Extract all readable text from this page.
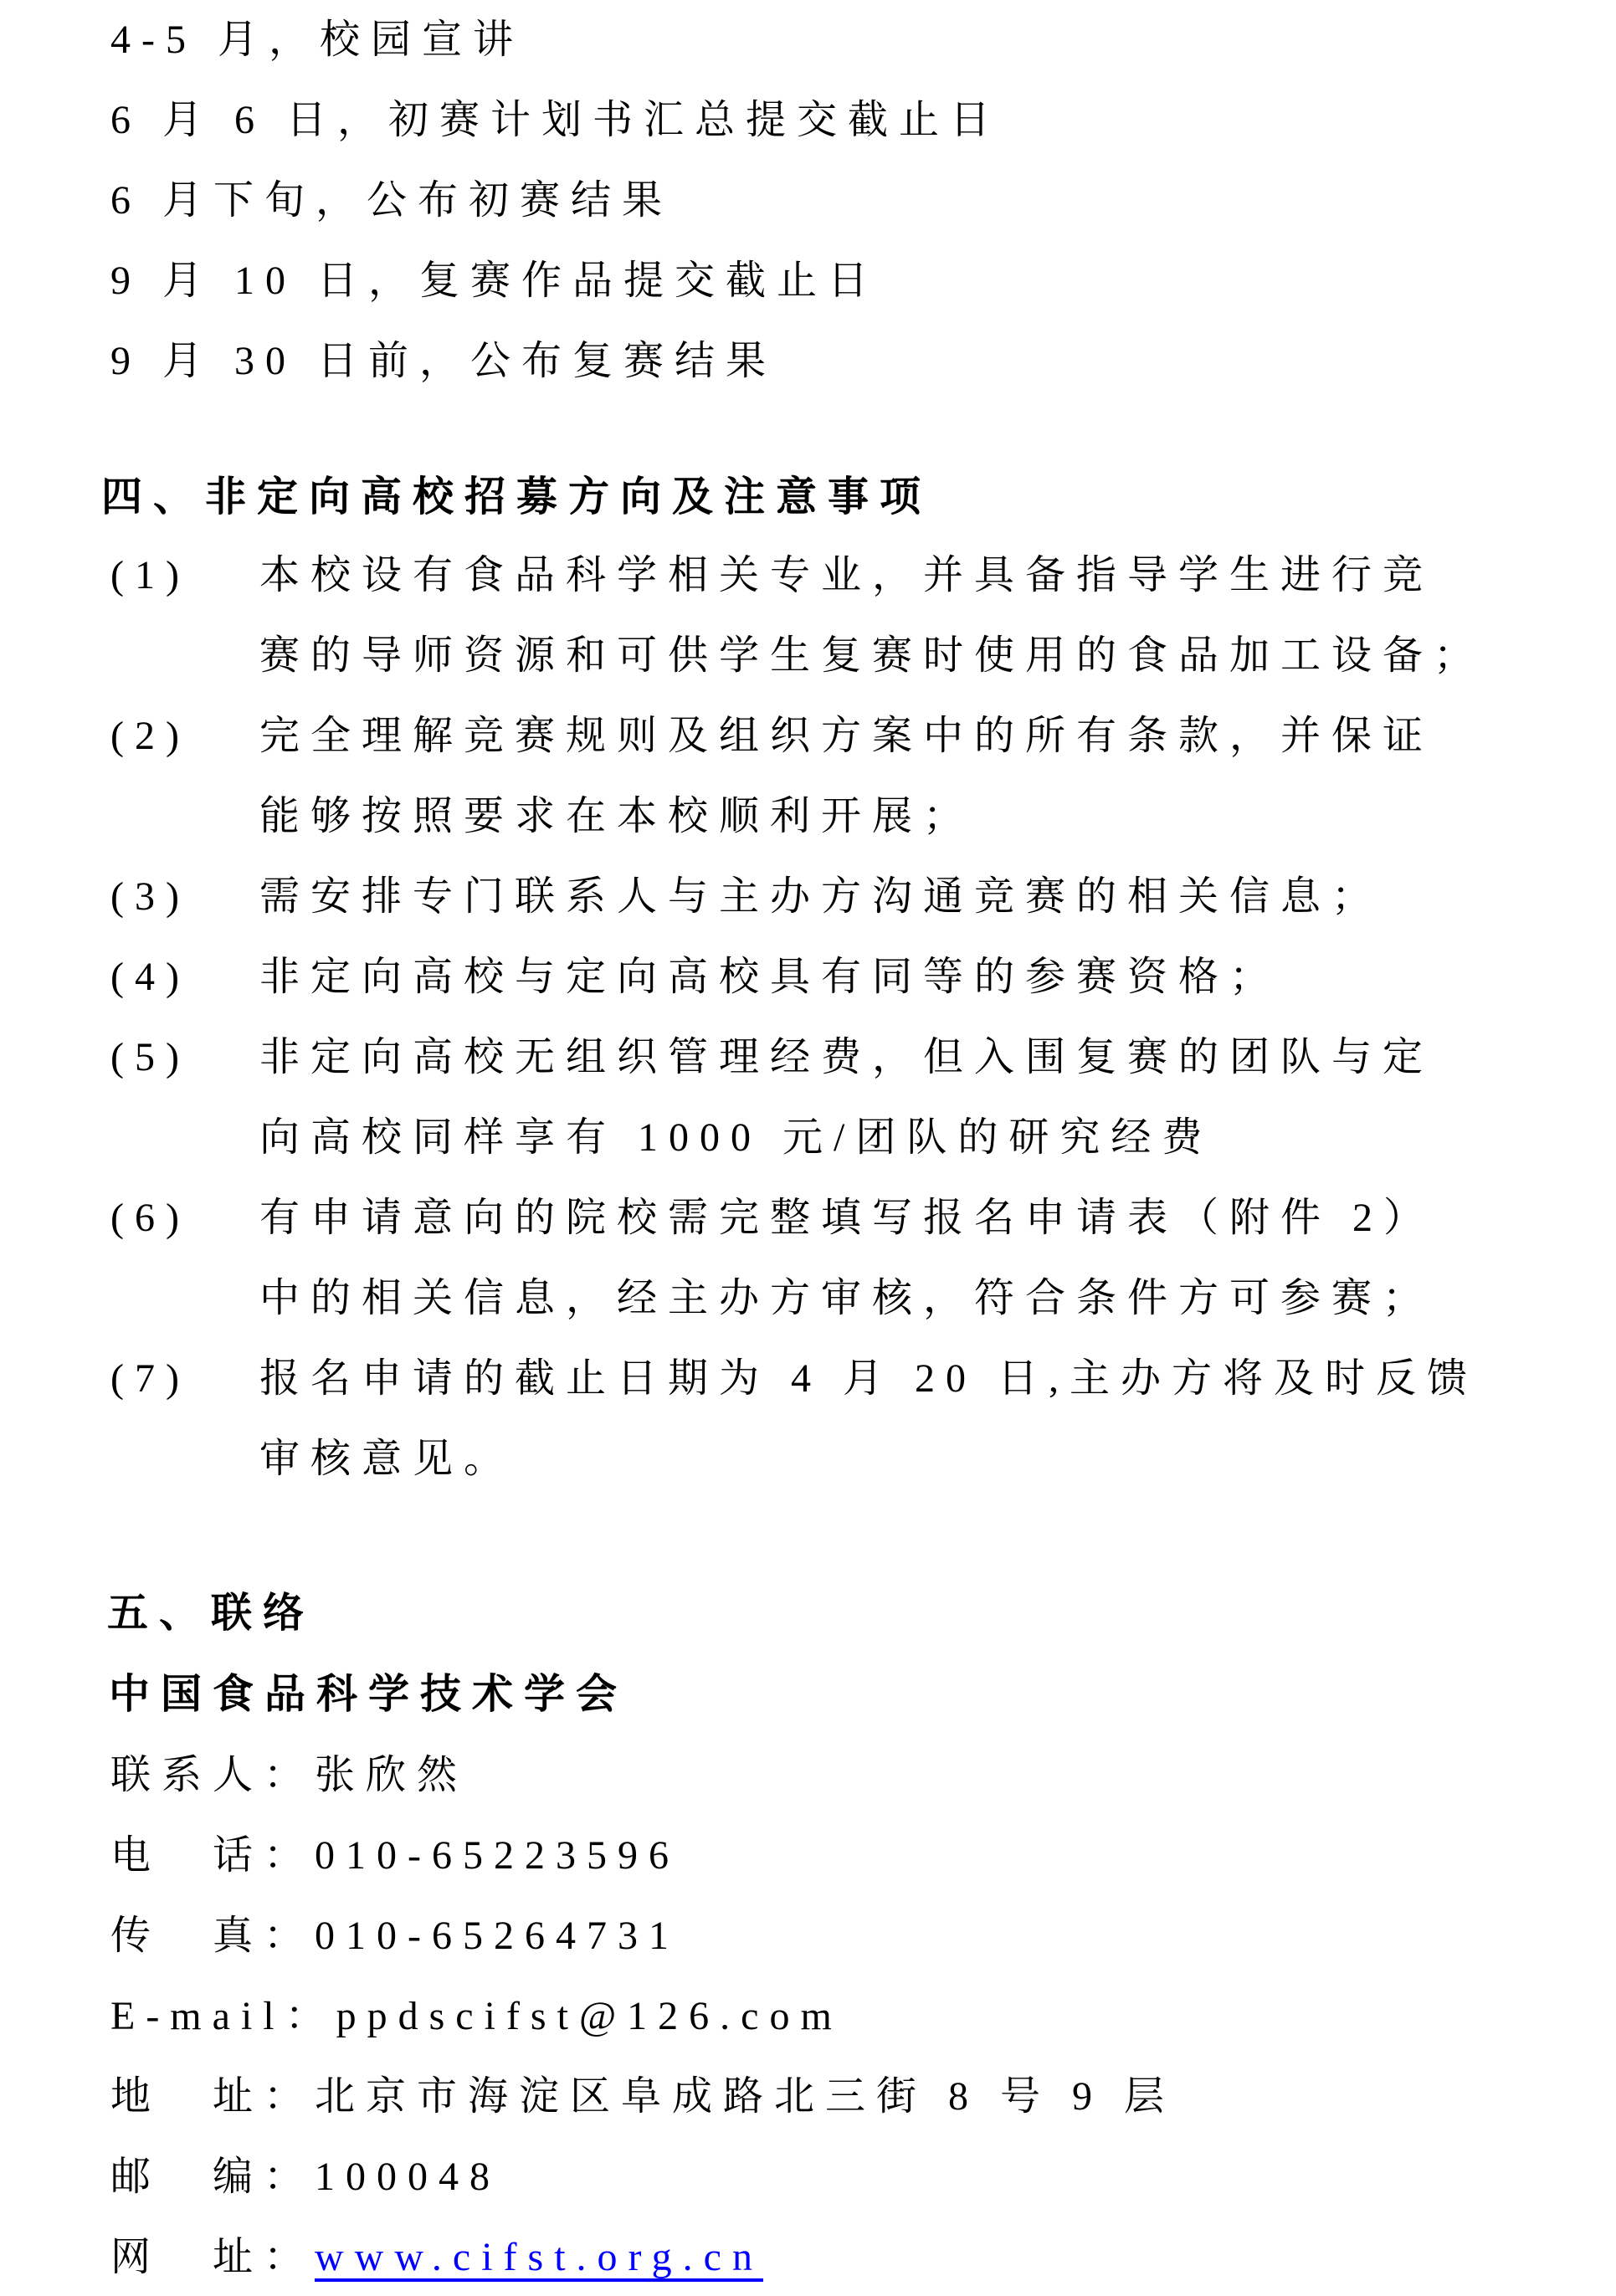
4-5 月，校园宣讲
6 月 6 日，初赛计划书汇总提交截止日
6 月下旬，公布初赛结果
9 月 10 日，复赛作品提交截止日
9 月 30 日前，公布复赛结果
四、非定向高校招募方向及注意事项
(1) 本校设有食品科学相关专业，并具备指导学生进行竞
赛的导师资源和可供学生复赛时使用的食品加工设备；
(2) 完全理解竞赛规则及组织方案中的所有条款，并保证
能够按照要求在本校顺利开展；
(3) 需安排专门联系人与主办方沟通竞赛的相关信息；
(4) 非定向高校与定向高校具有同等的参赛资格；
(5) 非定向高校无组织管理经费，但入围复赛的团队与定
向高校同样享有 1000 元/团队的研究经费
(6) 有申请意向的院校需完整填写报名申请表（附件 2）
中的相关信息，经主办方审核，符合条件方可参赛；
(7) 报名申请的截止日期为 4 月 20 日,主办方将及时反馈
审核意见。
五、联络
中国食品科学技术学会
联系人：张欣然
电　话：010-65223596
传　真：010-65264731
E-mail：ppdscifst@126.com
地　址：北京市海淀区阜成路北三街 8 号 9 层
邮　编：100048
网　址：www.cifst.org.cn
